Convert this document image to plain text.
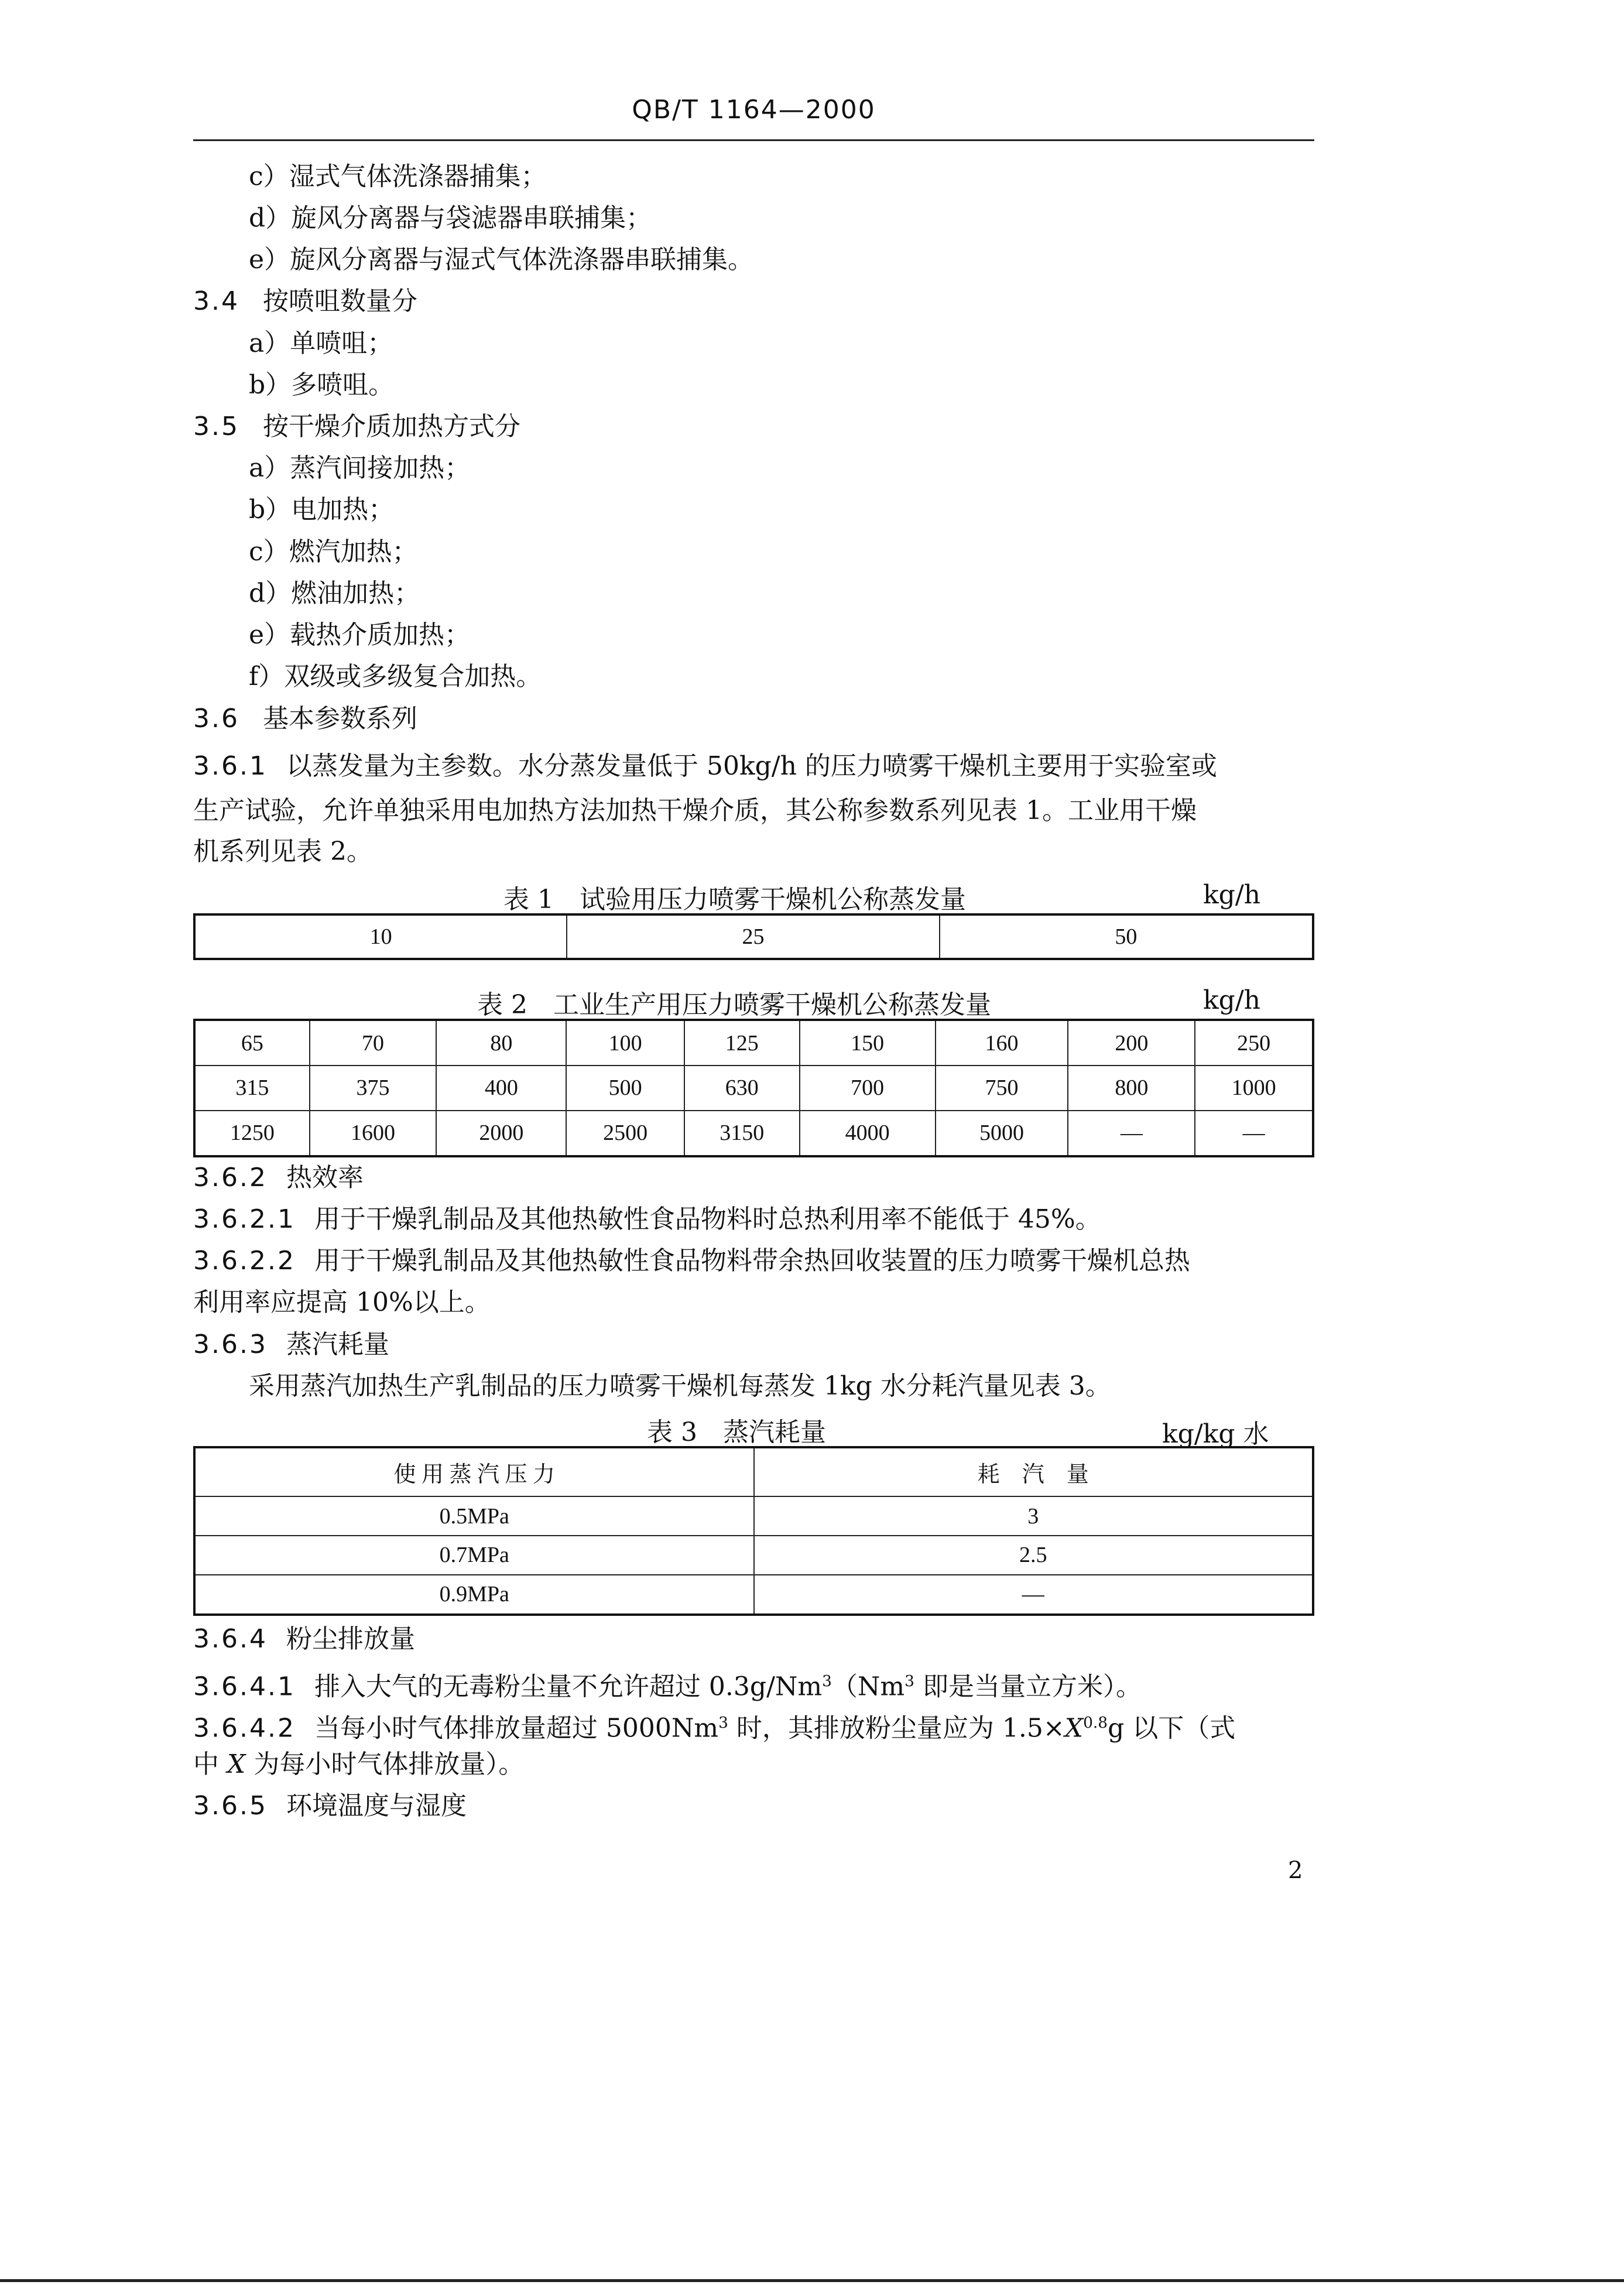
QB/T 1164—2000
c）湿式气体洗涤器捕集；
d）旋风分离器与袋滤器串联捕集；
e）旋风分离器与湿式气体洗涤器串联捕集。
3.4 按喷咀数量分
a）单喷咀；
b）多喷咀。
3.5 按干燥介质加热方式分
a）蒸汽间接加热；
b）电加热；
c）燃汽加热；
d）燃油加热；
e）载热介质加热；
f）双级或多级复合加热。
3.6 基本参数系列
3.6.1 以蒸发量为主参数。水分蒸发量低于 50kg/h 的压力喷雾干燥机主要用于实验室或
生产试验，允许单独采用电加热方法加热干燥介质，其公称参数系列见表 1。工业用干燥
机系列见表 2。
表 1　试验用压力喷雾干燥机公称蒸发量	kg/h
10	25	50
表 2　工业生产用压力喷雾干燥机公称蒸发量	kg/h
65	70	80	100	125	150	160	200	250
315	375	400	500	630	700	750	800	1000
1250	1600	2000	2500	3150	4000	5000	—	—
3.6.2 热效率
3.6.2.1 用于干燥乳制品及其他热敏性食品物料时总热利用率不能低于 45%。
3.6.2.2 用于干燥乳制品及其他热敏性食品物料带余热回收装置的压力喷雾干燥机总热
利用率应提高 10%以上。
3.6.3 蒸汽耗量
采用蒸汽加热生产乳制品的压力喷雾干燥机每蒸发 1kg 水分耗汽量见表 3。
表 3　蒸汽耗量	kg/kg 水
使 用 蒸 汽 压 力	耗　汽　量
0.5MPa	3
0.7MPa	2.5
0.9MPa	—
3.6.4 粉尘排放量
3.6.4.1 排入大气的无毒粉尘量不允许超过 0.3g/Nm$^3$（Nm$^3$ 即是当量立方米）。
3.6.4.2 当每小时气体排放量超过 5000Nm$^3$ 时，其排放粉尘量应为 $1.5\times X^{0.8}g$ 以下（式
中 X 为每小时气体排放量）。
3.6.5 环境温度与湿度
2
